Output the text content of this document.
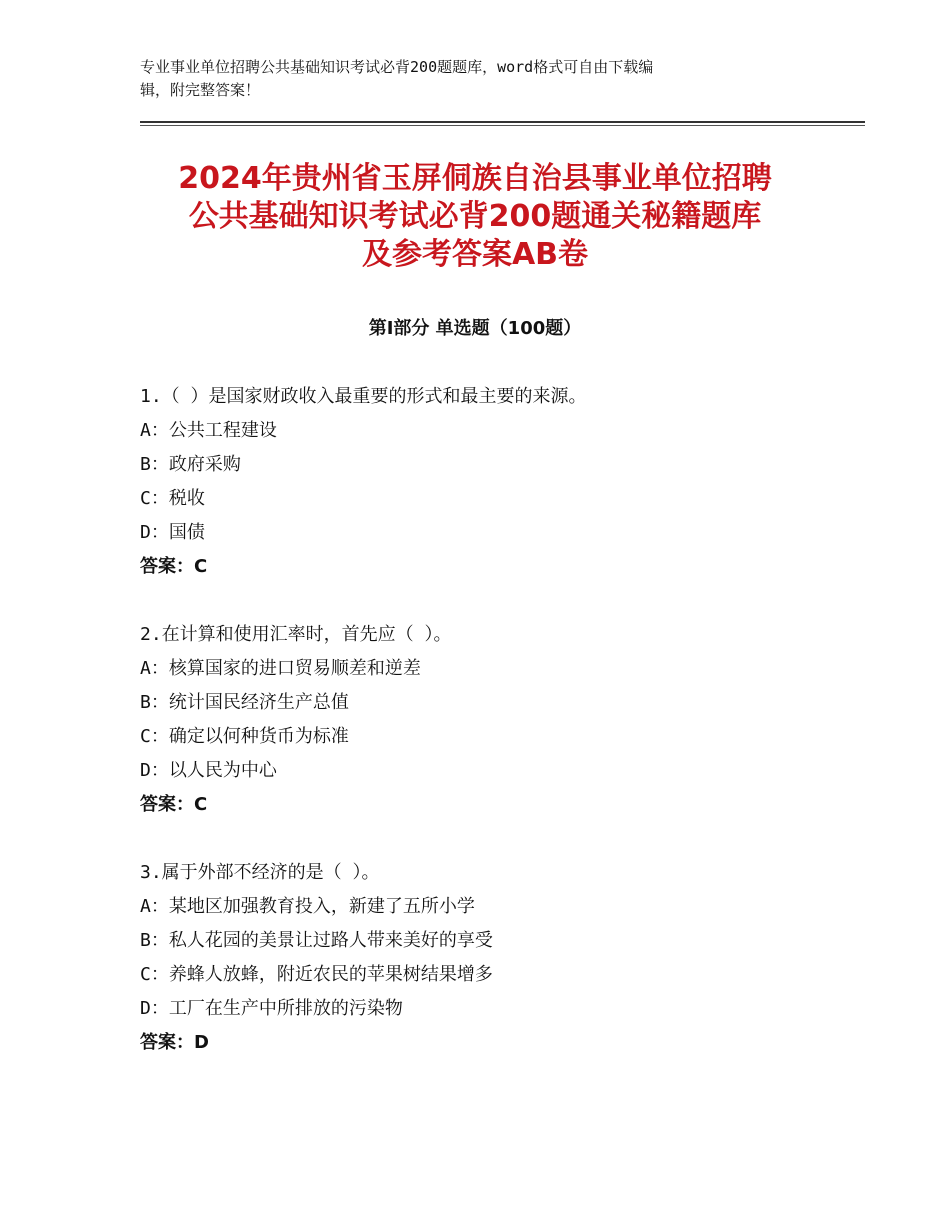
专业事业单位招聘公共基础知识考试必背200题题库，word格式可自由下载编
辑，附完整答案！
2024年贵州省玉屏侗族自治县事业单位招聘
公共基础知识考试必背200题通关秘籍题库
及参考答案AB卷
第Ⅰ部分 单选题（100题）
1.（ ）是国家财政收入最重要的形式和最主要的来源。
A：公共工程建设
B：政府采购
C：税收
D：国债
答案：C
2.在计算和使用汇率时，首先应（ ）。
A：核算国家的进口贸易顺差和逆差
B：统计国民经济生产总值
C：确定以何种货币为标准
D：以人民为中心
答案：C
3.属于外部不经济的是（ ）。
A：某地区加强教育投入，新建了五所小学
B：私人花园的美景让过路人带来美好的享受
C：养蜂人放蜂，附近农民的苹果树结果增多
D：工厂在生产中所排放的污染物
答案：D
